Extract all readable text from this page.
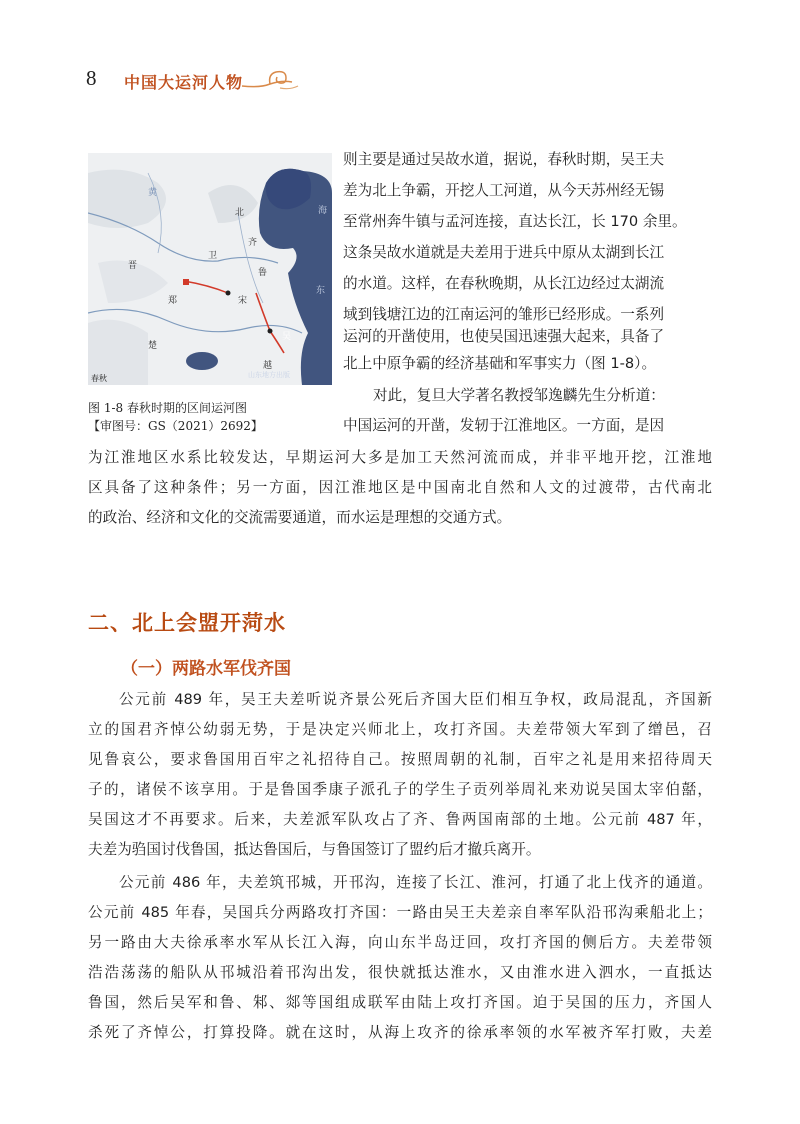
8 中国大运河人物
北
卫
宋
齐
鲁
吴
晋
郑
楚
越
海
黄
东
山东地方出版
春秋
图 1-8 春秋时期的区间运河图
【审图号：GS（2021）2692】
则主要是通过吴故水道，据说，春秋时期，吴王夫
差为北上争霸，开挖人工河道，从今天苏州经无锡
至常州奔牛镇与孟河连接，直达长江，长 170 余里。
这条吴故水道就是夫差用于进兵中原从太湖到长江
的水道。这样，在春秋晚期，从长江边经过太湖流
域到钱塘江边的江南运河的雏形已经形成。一系列
运河的开凿使用，也使吴国迅速强大起来，具备了
北上中原争霸的经济基础和军事实力（图 1-8）。
对此，复旦大学著名教授邹逸麟先生分析道：
中国运河的开凿，发轫于江淮地区。一方面，是因
为江淮地区水系比较发达，早期运河大多是加工天然河流而成，并非平地开挖，江淮地
区具备了这种条件；另一方面，因江淮地区是中国南北自然和人文的过渡带，古代南北
的政治、经济和文化的交流需要通道，而水运是理想的交通方式。
二、北上会盟开菏水
（一）两路水军伐齐国
公元前 489 年，吴王夫差听说齐景公死后齐国大臣们相互争权，政局混乱，齐国新
立的国君齐悼公幼弱无势，于是决定兴师北上，攻打齐国。夫差带领大军到了缯邑，召
见鲁哀公，要求鲁国用百牢之礼招待自己。按照周朝的礼制，百牢之礼是用来招待周天
子的，诸侯不该享用。于是鲁国季康子派孔子的学生子贡列举周礼来劝说吴国太宰伯嚭，
吴国这才不再要求。后来，夫差派军队攻占了齐、鲁两国南部的土地。公元前 487 年，
夫差为驺国讨伐鲁国，抵达鲁国后，与鲁国签订了盟约后才撤兵离开。
公元前 486 年，夫差筑邗城，开邗沟，连接了长江、淮河，打通了北上伐齐的通道。
公元前 485 年春，吴国兵分两路攻打齐国：一路由吴王夫差亲自率军队沿邗沟乘船北上；
另一路由大夫徐承率水军从长江入海，向山东半岛迂回，攻打齐国的侧后方。夫差带领
浩浩荡荡的船队从邗城沿着邗沟出发，很快就抵达淮水，又由淮水进入泗水，一直抵达
鲁国，然后吴军和鲁、邾、郯等国组成联军由陆上攻打齐国。迫于吴国的压力，齐国人
杀死了齐悼公，打算投降。就在这时，从海上攻齐的徐承率领的水军被齐军打败，夫差
